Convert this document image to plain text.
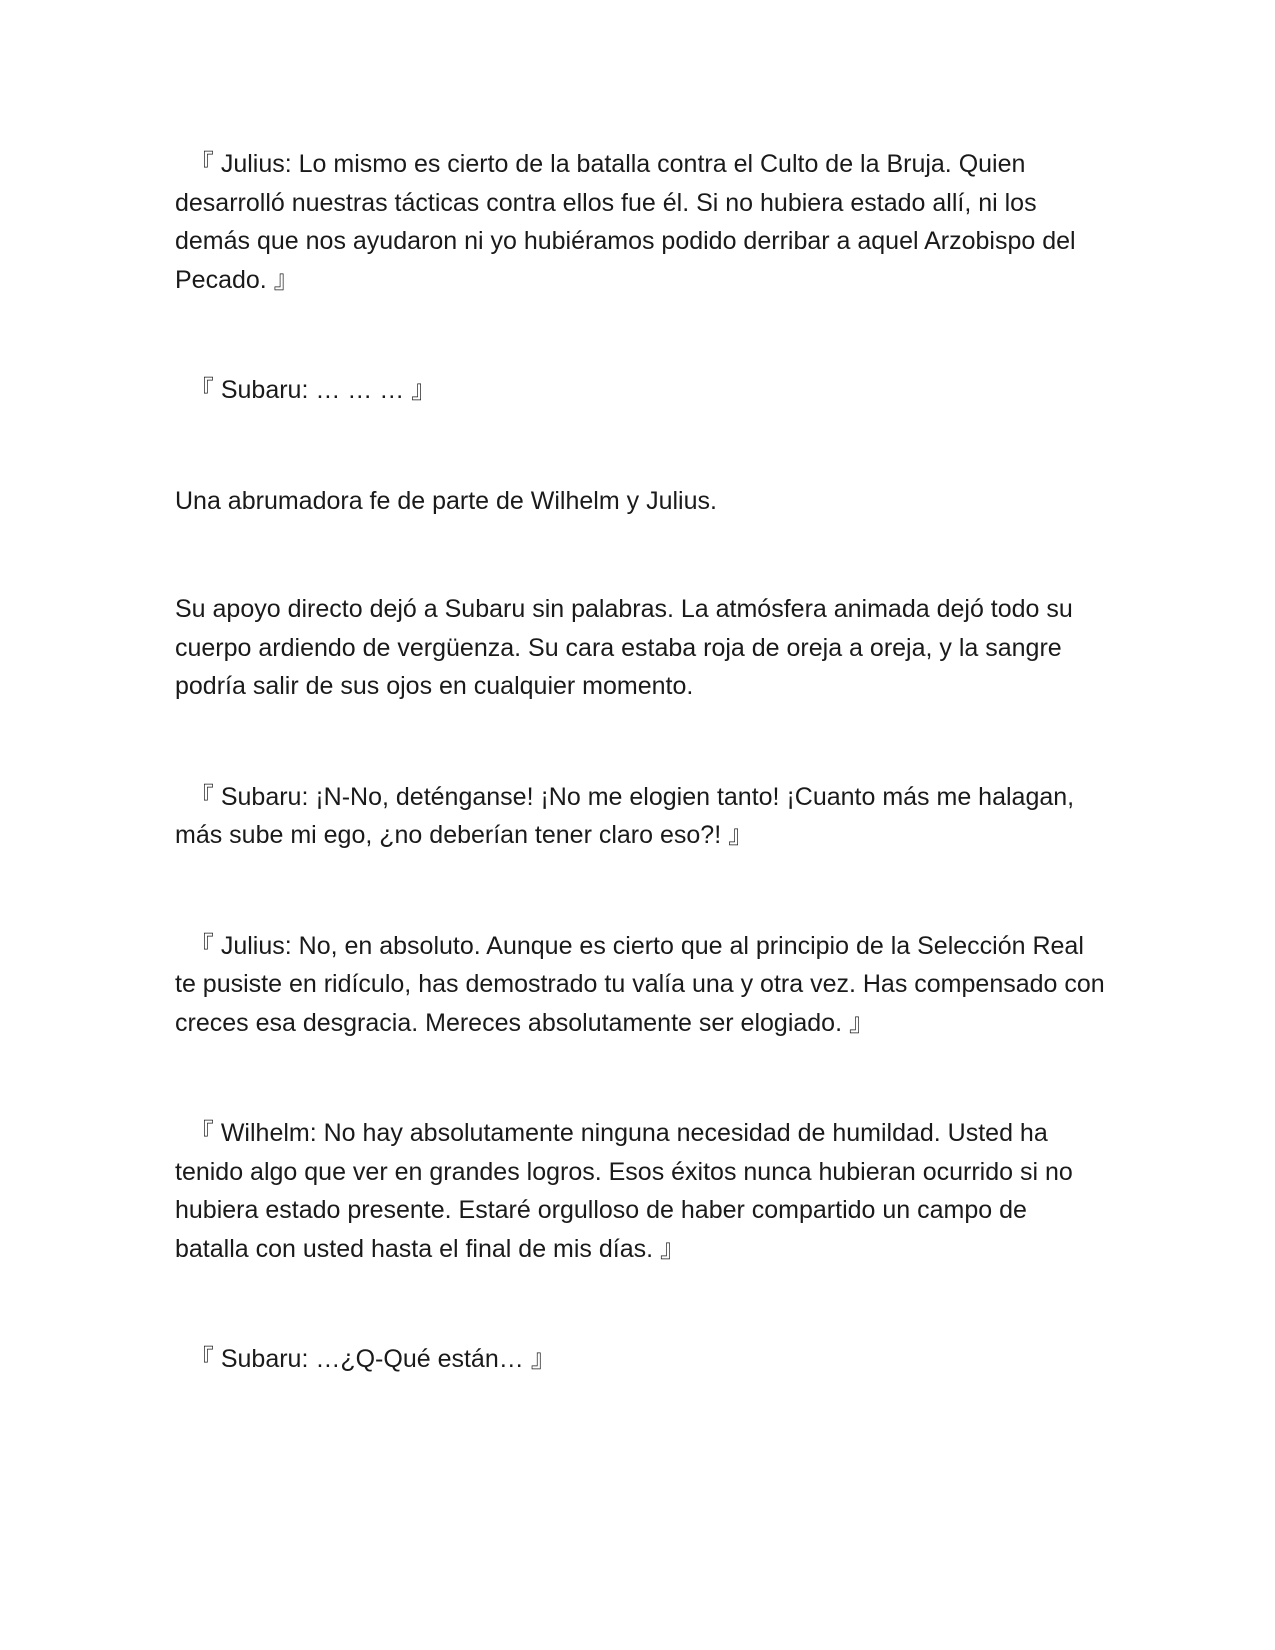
『 Julius: Lo mismo es cierto de la batalla contra el Culto de la Bruja. Quien desarrolló nuestras tácticas contra ellos fue él. Si no hubiera estado allí, ni los demás que nos ayudaron ni yo hubiéramos podido derribar a aquel Arzobispo del Pecado. 』

『 Subaru: … … … 』

Una abrumadora fe de parte de Wilhelm y Julius.

Su apoyo directo dejó a Subaru sin palabras. La atmósfera animada dejó todo su cuerpo ardiendo de vergüenza. Su cara estaba roja de oreja a oreja, y la sangre podría salir de sus ojos en cualquier momento.

『 Subaru: ¡N-No, deténganse! ¡No me elogien tanto! ¡Cuanto más me halagan, más sube mi ego, ¿no deberían tener claro eso?! 』

『 Julius: No, en absoluto. Aunque es cierto que al principio de la Selección Real te pusiste en ridículo, has demostrado tu valía una y otra vez. Has compensado con creces esa desgracia. Mereces absolutamente ser elogiado. 』

『 Wilhelm: No hay absolutamente ninguna necesidad de humildad. Usted ha tenido algo que ver en grandes logros. Esos éxitos nunca hubieran ocurrido si no hubiera estado presente. Estaré orgulloso de haber compartido un campo de batalla con usted hasta el final de mis días. 』

『 Subaru: …¿Q-Qué están… 』
